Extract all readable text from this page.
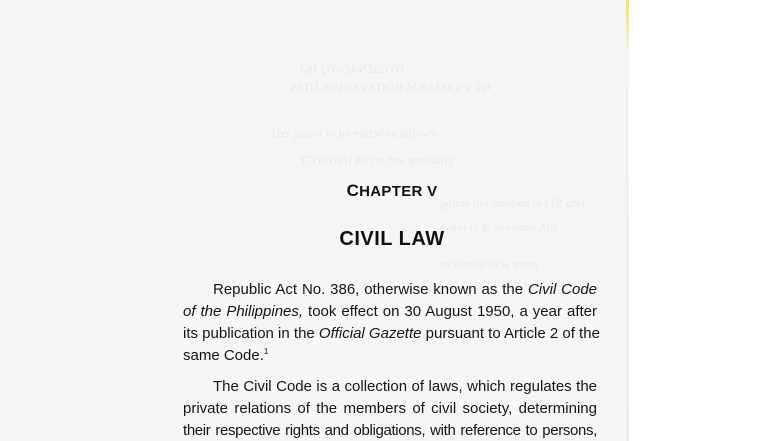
DTC3ZNAG-TQ 163
QT VNAMAS M HOITSVENVOLUTIA
ewollot as before ed of vitraq. edT
yrlazanqe arrt ort sA Hitivio CT
(vta ST) to nadqoat bni ahtiog
.tdA sontexaq at lo tow a
aerze ar to zhozor ar
CHAPTER V
CIVIL LAW

Republic Act No. 386, otherwise known as the Civil Code
of the Philippines, took effect on 30 August 1950, a year after
its publication in the Official Gazette pursuant to Article 2 of the
same Code.$^1$

The Civil Code is a collection of laws, which regulates the
private relations of the members of civil society, determining
their respective rights and obligations, with reference to persons,
